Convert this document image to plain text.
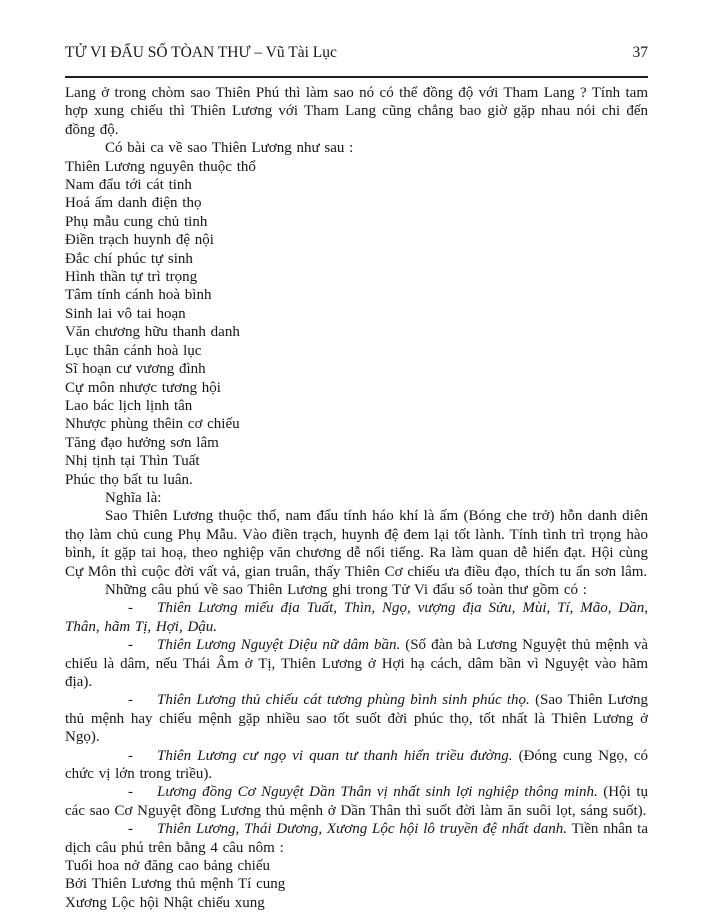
TỬ VI ĐẨU SỐ TÒAN THƯ – Vũ Tài Lục	37

Lang ở trong chòm sao Thiên Phú thì làm sao nó có thể đồng độ với Tham Lang ? Tính tam hợp xung chiếu thì Thiên Lương với Tham Lang cũng chẳng bao giờ gặp nhau nói chi đến đồng độ.

Có bài ca về sao Thiên Lương như sau :

Thiên Lương nguyên thuộc thổ

Nam đẩu tới cát tinh

Hoá ấm danh điện thọ

Phụ mẫu cung chủ tinh

Điền trạch huynh đệ nội

Đắc chí phúc tự sinh

Hình thần tự trì trọng

Tâm tính cánh hoà bình

Sinh lai vô tai hoạn

Văn chương hữu thanh danh

Lục thân cánh hoà lục

Sĩ hoạn cư vương đình

Cự môn nhược tương hội

Lao bác lịch lịnh tân

Nhược phùng thêin cơ chiếu

Tăng đạo hưởng sơn lâm

Nhị tịnh tại Thìn Tuất

Phúc thọ bất tu luân.

Nghĩa là:

Sao Thiên Lương thuộc thổ, nam đẩu tính háo khí là ấm (Bóng che trở) hỗn danh diên thọ làm chủ cung Phụ Mẫu. Vào điền trạch, huynh đệ đem lại tốt lành. Tính tình trì trọng hào bình, ít gặp tai hoạ, theo nghiệp văn chương dễ nổi tiếng. Ra làm quan dễ hiển đạt. Hội cùng Cự Môn thì cuộc đời vất vả, gian truân, thấy Thiên Cơ chiếu ưa điều đạo, thích tu ẩn sơn lâm.

Những câu phú về sao Thiên Lương ghi trong Tử Vi đẩu số toàn thư gồm có :

- Thiên Lương miếu địa Tuất, Thìn, Ngọ, vượng địa Sửu, Mùi, Tí, Mão, Dần, Thân, hãm Tị, Hợi, Dậu.

- Thiên Lương Nguyệt Diệu nữ dâm bần. (Số đàn bà Lương Nguyệt thủ mệnh và chiếu là dâm, nếu Thái Âm ở Tị, Thiên Lương ở Hợi hạ cách, dâm bần vì Nguyệt vào hãm địa).

- Thiên Lương thủ chiếu cát tương phùng bình sinh phúc thọ. (Sao Thiên Lương thủ mệnh hay chiếu mệnh gặp nhiều sao tốt suốt đời phúc thọ, tốt nhất là Thiên Lương ở Ngọ).

- Thiên Lương cư ngọ vi quan tư thanh hiển triều đường. (Đóng cung Ngọ, có chức vị lớn trong triều).

- Lương đồng Cơ Nguyệt Dần Thân vị nhất sinh lợi nghiệp thông minh. (Hội tụ các sao Cơ Nguyệt đồng Lương thủ mệnh ở Dần Thân thì suốt đời làm ăn suôi lọt, sáng suốt).

- Thiên Lương, Thái Dương, Xương Lộc hội lô truyền đệ nhất danh. Tiền nhân ta dịch câu phú trên bằng 4 câu nôm :

Tuổi hoa nở đăng cao bảng chiếu

Bởi Thiên Lương thủ mệnh Tí cung

Xương Lộc hội Nhật chiếu xung
